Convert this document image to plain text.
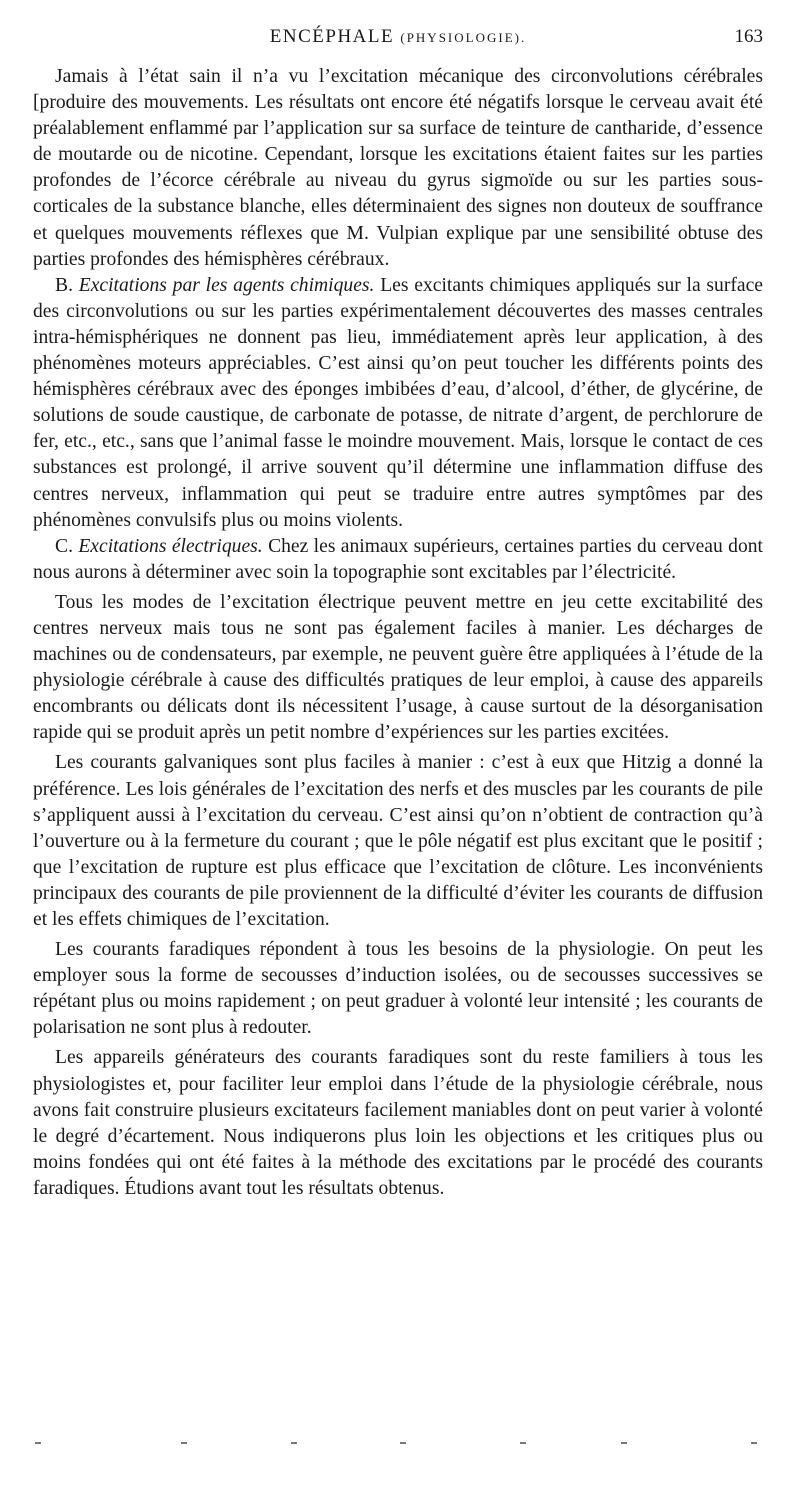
ENCÉPHALE (PHYSIOLOGIE).	163

Jamais à l’état sain il n’a vu l’excitation mécanique des circonvolutions cérébrales [produire des mouvements. Les résultats ont encore été négatifs lorsque le cerveau avait été préalablement enflammé par l’application sur sa surface de teinture de cantharide, d’essence de moutarde ou de nicotine. Cependant, lorsque les excitations étaient faites sur les parties profondes de l’écorce cérébrale au niveau du gyrus sigmoïde ou sur les parties sous-corticales de la substance blanche, elles déterminaient des signes non douteux de souffrance et quelques mouvements réflexes que M. Vulpian explique par une sensibilité obtuse des parties profondes des hémisphères cérébraux.

B. Excitations par les agents chimiques. Les excitants chimiques appliqués sur la surface des circonvolutions ou sur les parties expérimentalement découvertes des masses centrales intra-hémisphériques ne donnent pas lieu, immédiatement après leur application, à des phénomènes moteurs appréciables. C’est ainsi qu’on peut toucher les différents points des hémisphères cérébraux avec des éponges imbibées d’eau, d’alcool, d’éther, de glycérine, de solutions de soude caustique, de carbonate de potasse, de nitrate d’argent, de perchlorure de fer, etc., etc., sans que l’animal fasse le moindre mouvement. Mais, lorsque le contact de ces substances est prolongé, il arrive souvent qu’il détermine une inflammation diffuse des centres nerveux, inflammation qui peut se traduire entre autres symptômes par des phénomènes convulsifs plus ou moins violents.

C. Excitations électriques. Chez les animaux supérieurs, certaines parties du cerveau dont nous aurons à déterminer avec soin la topographie sont excitables par l’électricité.

Tous les modes de l’excitation électrique peuvent mettre en jeu cette excitabilité des centres nerveux mais tous ne sont pas également faciles à manier. Les décharges de machines ou de condensateurs, par exemple, ne peuvent guère être appliquées à l’étude de la physiologie cérébrale à cause des difficultés pratiques de leur emploi, à cause des appareils encombrants ou délicats dont ils nécessitent l’usage, à cause surtout de la désorganisation rapide qui se produit après un petit nombre d’expériences sur les parties excitées.

Les courants galvaniques sont plus faciles à manier : c’est à eux que Hitzig a donné la préférence. Les lois générales de l’excitation des nerfs et des muscles par les courants de pile s’appliquent aussi à l’excitation du cerveau. C’est ainsi qu’on n’obtient de contraction qu’à l’ouverture ou à la fermeture du courant ; que le pôle négatif est plus excitant que le positif ; que l’excitation de rupture est plus efficace que l’excitation de clôture. Les inconvénients principaux des courants de pile proviennent de la difficulté d’éviter les courants de diffusion et les effets chimiques de l’excitation.

Les courants faradiques répondent à tous les besoins de la physiologie. On peut les employer sous la forme de secousses d’induction isolées, ou de secousses successives se répétant plus ou moins rapidement ; on peut graduer à volonté leur intensité ; les courants de polarisation ne sont plus à redouter.

Les appareils générateurs des courants faradiques sont du reste familiers à tous les physiologistes et, pour faciliter leur emploi dans l’étude de la physiologie cérébrale, nous avons fait construire plusieurs excitateurs facilement maniables dont on peut varier à volonté le degré d’écartement. Nous indiquerons plus loin les objections et les critiques plus ou moins fondées qui ont été faites à la méthode des excitations par le procédé des courants faradiques. Étudions avant tout les résultats obtenus.
